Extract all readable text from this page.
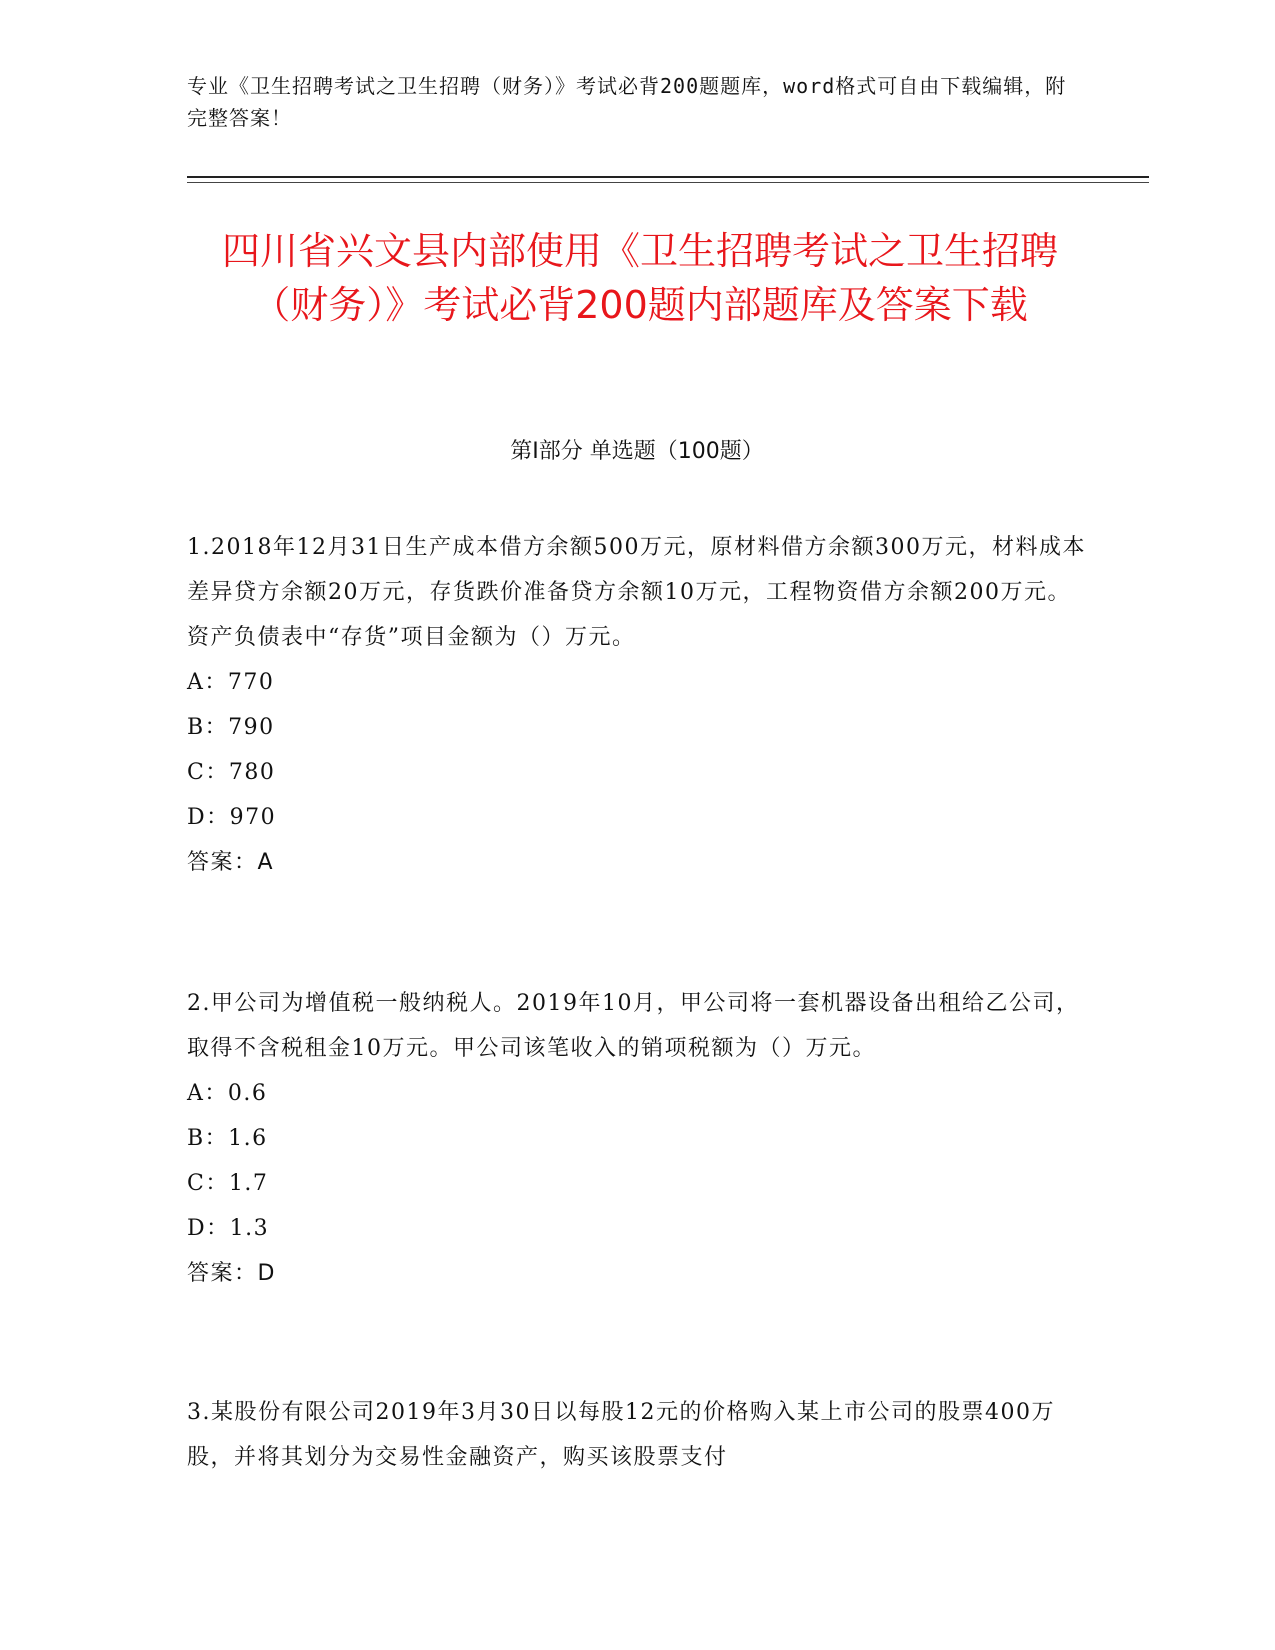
专业《卫生招聘考试之卫生招聘（财务）》考试必背200题题库，word格式可自由下载编辑，附完整答案！
四川省兴文县内部使用《卫生招聘考试之卫生招聘（财务）》考试必背200题内部题库及答案下载
第Ⅰ部分 单选题（100题）

1.2018年12月31日生产成本借方余额500万元，原材料借方余额300万元，材料成本差异贷方余额20万元，存货跌价准备贷方余额10万元，工程物资借方余额200万元。资产负债表中“存货”项目金额为（）万元。

A：770

B：790

C：780

D：970

答案：A

2.甲公司为增值税一般纳税人。2019年10月，甲公司将一套机器设备出租给乙公司，取得不含税租金10万元。甲公司该笔收入的销项税额为（）万元。

A：0.6

B：1.6

C：1.7

D：1.3

答案：D

3.某股份有限公司2019年3月30日以每股12元的价格购入某上市公司的股票400万股，并将其划分为交易性金融资产，购买该股票支付
